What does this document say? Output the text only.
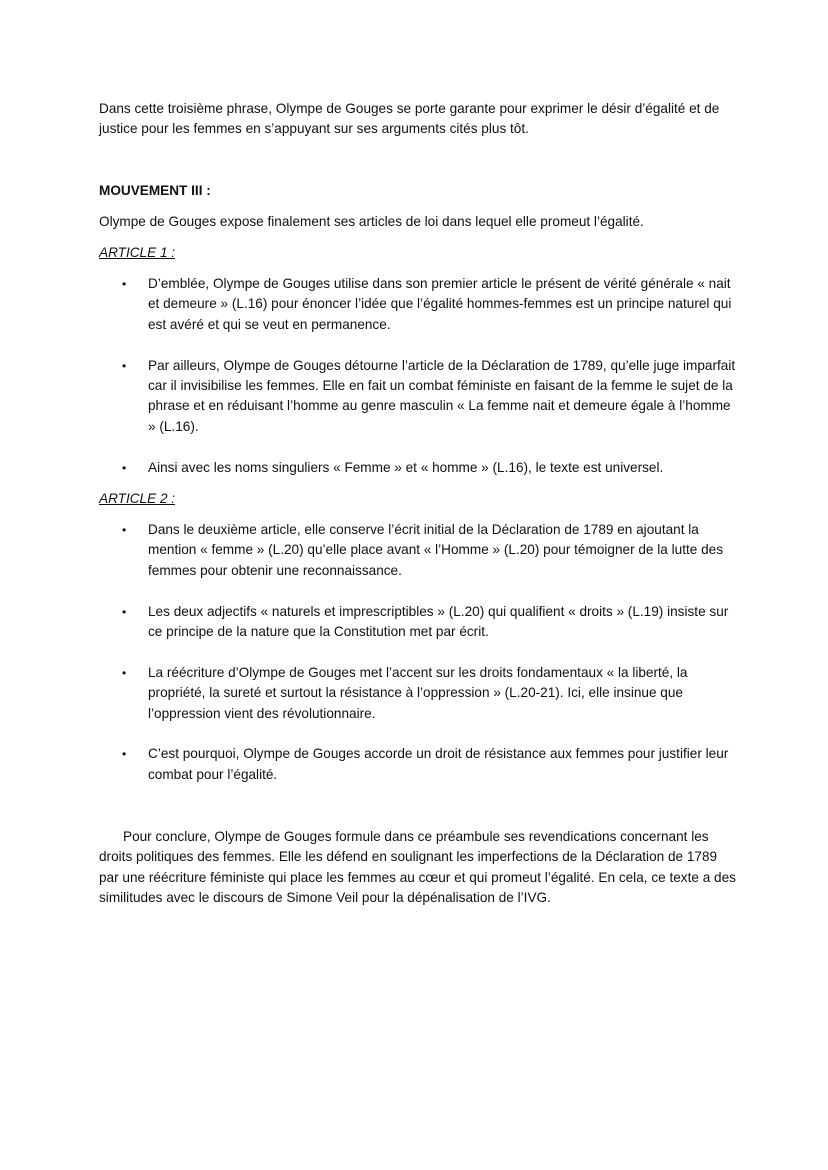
Dans cette troisième phrase, Olympe de Gouges se porte garante pour exprimer le désir d’égalité et de justice pour les femmes en s’appuyant sur ses arguments cités plus tôt.

MOUVEMENT III :

Olympe de Gouges expose finalement ses articles de loi dans lequel elle promeut l’égalité.

ARTICLE 1 :

• D’emblée, Olympe de Gouges utilise dans son premier article le présent de vérité générale « nait et demeure » (L.16) pour énoncer l’idée que l’égalité hommes-femmes est un principe naturel qui est avéré et qui se veut en permanence.
• Par ailleurs, Olympe de Gouges détourne l’article de la Déclaration de 1789, qu’elle juge imparfait car il invisibilise les femmes. Elle en fait un combat féministe en faisant de la femme le sujet de la phrase et en réduisant l’homme au genre masculin « La femme nait et demeure égale à l’homme » (L.16).
• Ainsi avec les noms singuliers « Femme » et « homme » (L.16), le texte est universel.

ARTICLE 2 :

• Dans le deuxième article, elle conserve l’écrit initial de la Déclaration de 1789 en ajoutant la mention « femme » (L.20) qu’elle place avant « l’Homme » (L.20) pour témoigner de la lutte des femmes pour obtenir une reconnaissance.
• Les deux adjectifs « naturels et imprescriptibles » (L.20) qui qualifient « droits » (L.19) insiste sur ce principe de la nature que la Constitution met par écrit.
• La réécriture d’Olympe de Gouges met l’accent sur les droits fondamentaux « la liberté, la propriété, la sureté et surtout la résistance à l’oppression » (L.20-21). Ici, elle insinue que l’oppression vient des révolutionnaire.
• C’est pourquoi, Olympe de Gouges accorde un droit de résistance aux femmes pour justifier leur combat pour l’égalité.

Pour conclure, Olympe de Gouges formule dans ce préambule ses revendications concernant les droits politiques des femmes. Elle les défend en soulignant les imperfections de la Déclaration de 1789 par une réécriture féministe qui place les femmes au cœur et qui promeut l’égalité. En cela, ce texte a des similitudes avec le discours de Simone Veil pour la dépénalisation de l’IVG.
